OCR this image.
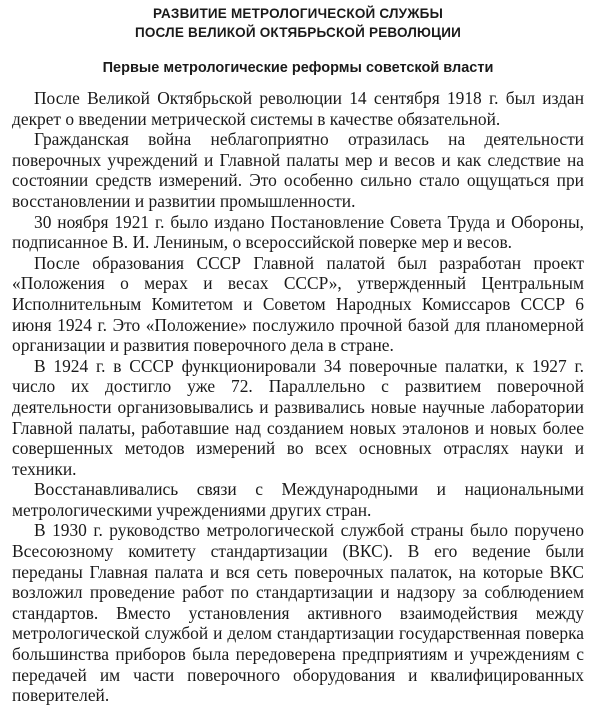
РАЗВИТИЕ МЕТРОЛОГИЧЕСКОЙ СЛУЖБЫ
ПОСЛЕ ВЕЛИКОЙ ОКТЯБРЬСКОЙ РЕВОЛЮЦИИ
Первые метрологические реформы советской власти

После Великой Октябрьской революции 14 сентября 1918 г. был издан декрет о введении метрической системы в качестве обязательной.

Гражданская война неблагоприятно отразилась на деятельности поверочных учреждений и Главной палаты мер и весов и как следствие на состоянии средств измерений. Это особенно сильно стало ощущаться при восстановлении и развитии промышленности.

30 ноября 1921 г. было издано Постановление Совета Труда и Обороны, подписанное В. И. Лениным, о всероссийской поверке мер и весов.

После образования СССР Главной палатой был разработан проект «Положения о мерах и весах СССР», утвержденный Центральным Исполнительным Комитетом и Советом Народных Комиссаров СССР 6 июня 1924 г. Это «Положение» послужило прочной базой для планомерной организации и развития поверочного дела в стране.

В 1924 г. в СССР функционировали 34 поверочные палатки, к 1927 г. число их достигло уже 72. Параллельно с развитием поверочной деятельности организовывались и развивались новые научные лаборатории Главной палаты, работавшие над созданием новых эталонов и новых более совершенных методов измерений во всех основных отраслях науки и техники.

Восстанавливались связи с Международными и национальными метрологическими учреждениями других стран.

В 1930 г. руководство метрологической службой страны было поручено Всесоюзному комитету стандартизации (ВКС). В его ведение были переданы Главная палата и вся сеть поверочных палаток, на которые ВКС возложил проведение работ по стандартизации и надзору за соблюдением стандартов. Вместо установления активного взаимодействия между метрологической службой и делом стандартизации государственная поверка большинства приборов была передоверена предприятиям и учреждениям с передачей им части поверочного оборудования и квалифицированных поверителей.
